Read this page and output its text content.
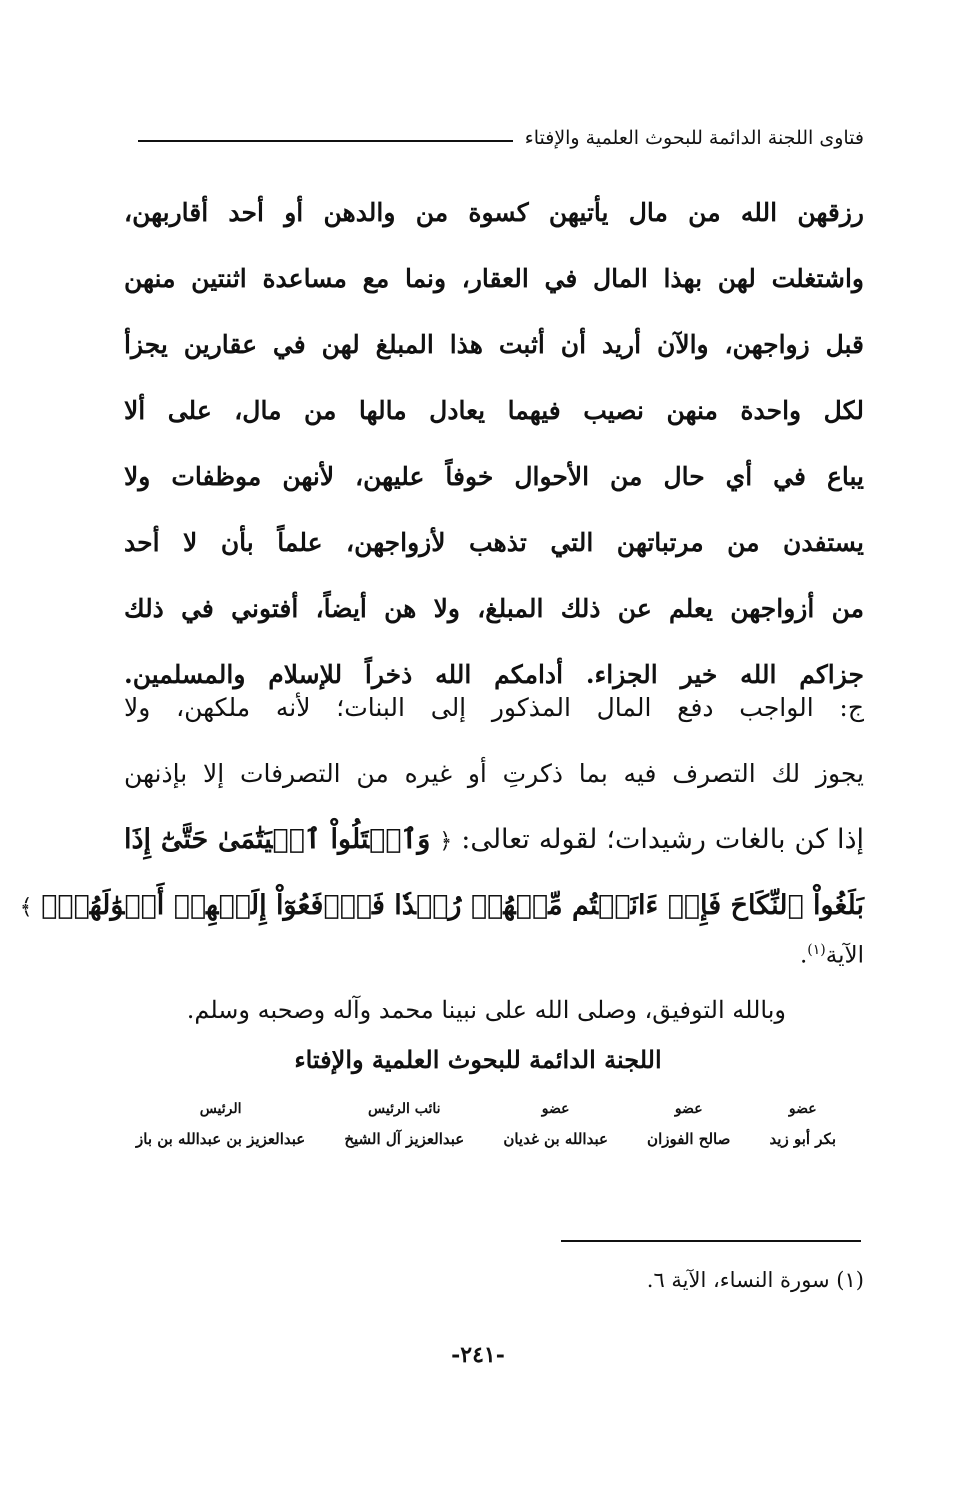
فتاوى اللجنة الدائمة للبحوث العلمية والإفتاء
رزقهن الله من مال يأتيهن كسوة من والدهن أو أحد أقاربهن،
واشتغلت لهن بهذا المال في العقار، ونما مع مساعدة اثنتين منهن
قبل زواجهن، والآن أريد أن أثبت هذا المبلغ لهن في عقارين يجزأ
لكل واحدة منهن نصيب فيهما يعادل مالها من مال، على ألا
يباع في أي حال من الأحوال خوفاً عليهن، لأنهن موظفات ولا
يستفدن من مرتباتهن التي تذهب لأزواجهن، علماً بأن لا أحد
من أزواجهن يعلم عن ذلك المبلغ، ولا هن أيضاً، أفتوني في ذلك
جزاكم الله خير الجزاء. أدامكم الله ذخراً للإسلام والمسلمين.
ج: الواجب دفع المال المذكور إلى البنات؛ لأنه ملكهن، ولا
يجوز لك التصرف فيه بما ذكرتِ أو غيره من التصرفات إلا بإذنهن
إذا كن بالغات رشيدات؛ لقوله تعالى: ﴿ وَٱبۡتَلُواْ ٱلۡيَتَٰمَىٰ حَتَّىٰٓ إِذَا
بَلَغُواْ ٱلنِّكَاحَ فَإِنۡ ءَانَسۡتُم مِّنۡهُمۡ رُشۡدٗا فَٱدۡفَعُوٓاْ إِلَيۡهِمۡ أَمۡوَٰلَهُمۡۖ ﴾
الآية$^{(١)}$.
وبالله التوفيق، وصلى الله على نبينا محمد وآله وصحبه وسلم.
اللجنة الدائمة للبحوث العلمية والإفتاء
عضو
بكر أبو زيد
عضو
صالح الفوزان
عضو
عبدالله بن غديان
نائب الرئيس
عبدالعزيز آل الشيخ
الرئيس
عبدالعزيز بن عبدالله بن باز
(١) سورة النساء، الآية ٦.
-٢٤١-
